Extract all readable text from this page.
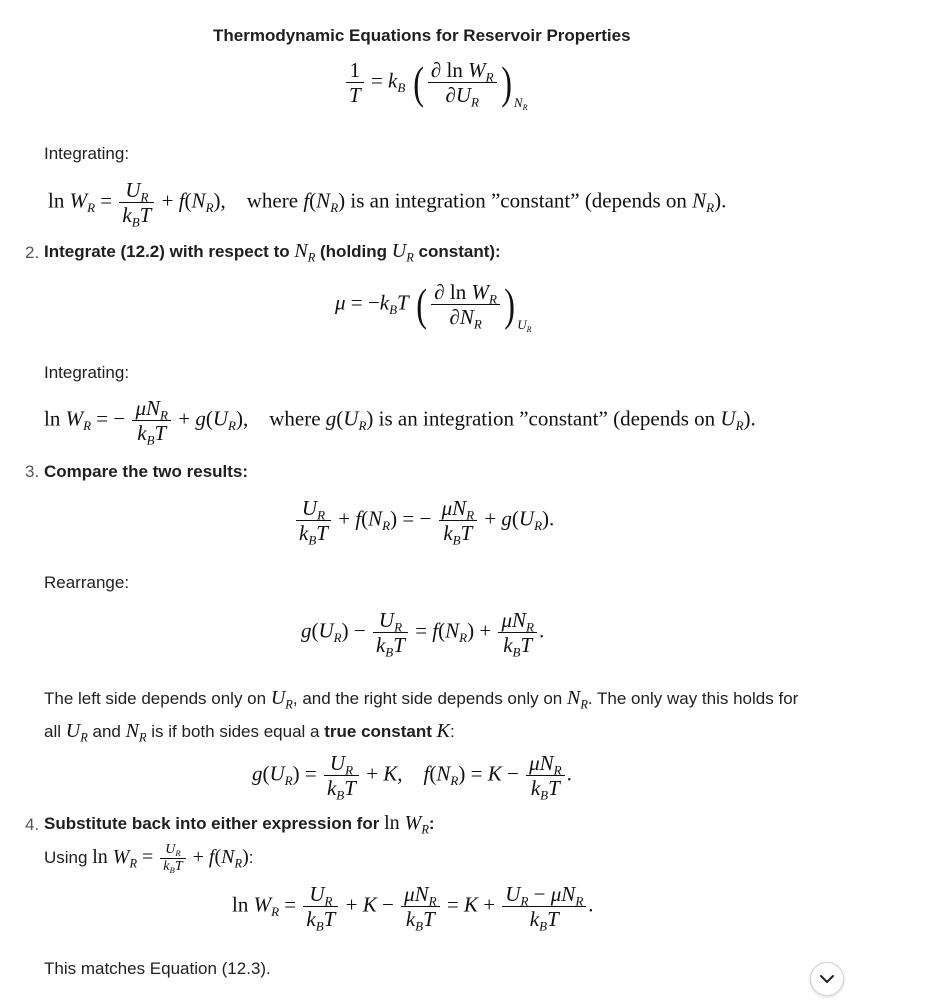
Thermodynamic Equations for Reservoir Properties
$\frac{1}{T} = k_B$ ( $\frac{\partial \ln W_R}{\partial U_R}$ ) $_{N_R}$
Integrating:
$\ln W_R = \frac{U_R}{k_BT} + f(N_R)$,    where $f(N_R)$ is an integration ”constant” (depends on $N_R$).
2. Integrate (12.2) with respect to $N_R$ (holding $U_R$ constant):
$\mu = -k_BT$ ( $\frac{\partial \ln W_R}{\partial N_R}$ ) $_{U_R}$
Integrating:
$\ln W_R$ = − $\frac{\mu N_R}{k_BT} + g(U_R)$,    where $g(U_R)$ is an integration ”constant” (depends on $U_R$).
3. Compare the two results:
$\frac{U_R}{k_BT} + f(N_R)$ = − $\frac{\mu N_R}{k_BT} + g(U_R)$.
Rearrange:
$g(U_R) - \frac{U_R}{k_BT} = f(N_R) + \frac{\mu N_R}{k_BT}$ .
The left side depends only on $U_R$, and the right side depends only on $N_R$. The only way this holds for
all $U_R$ and $N_R$ is if both sides equal a true constant K:
$g(U_R) = \frac{U_R}{k_BT} + K$,    $f(N_R) = K - \frac{\mu N_R}{k_BT}$ .
4. Substitute back into either expression for $\ln W_R$:
Using $\ln W_R = \frac{U_R}{k_BT} + f(N_R)$:
$\ln W_R = \frac{U_R}{k_BT} + K - \frac{\mu N_R}{k_BT} = K + \frac{U_R - \mu N_R}{k_BT}$ .
This matches Equation (12.3).
